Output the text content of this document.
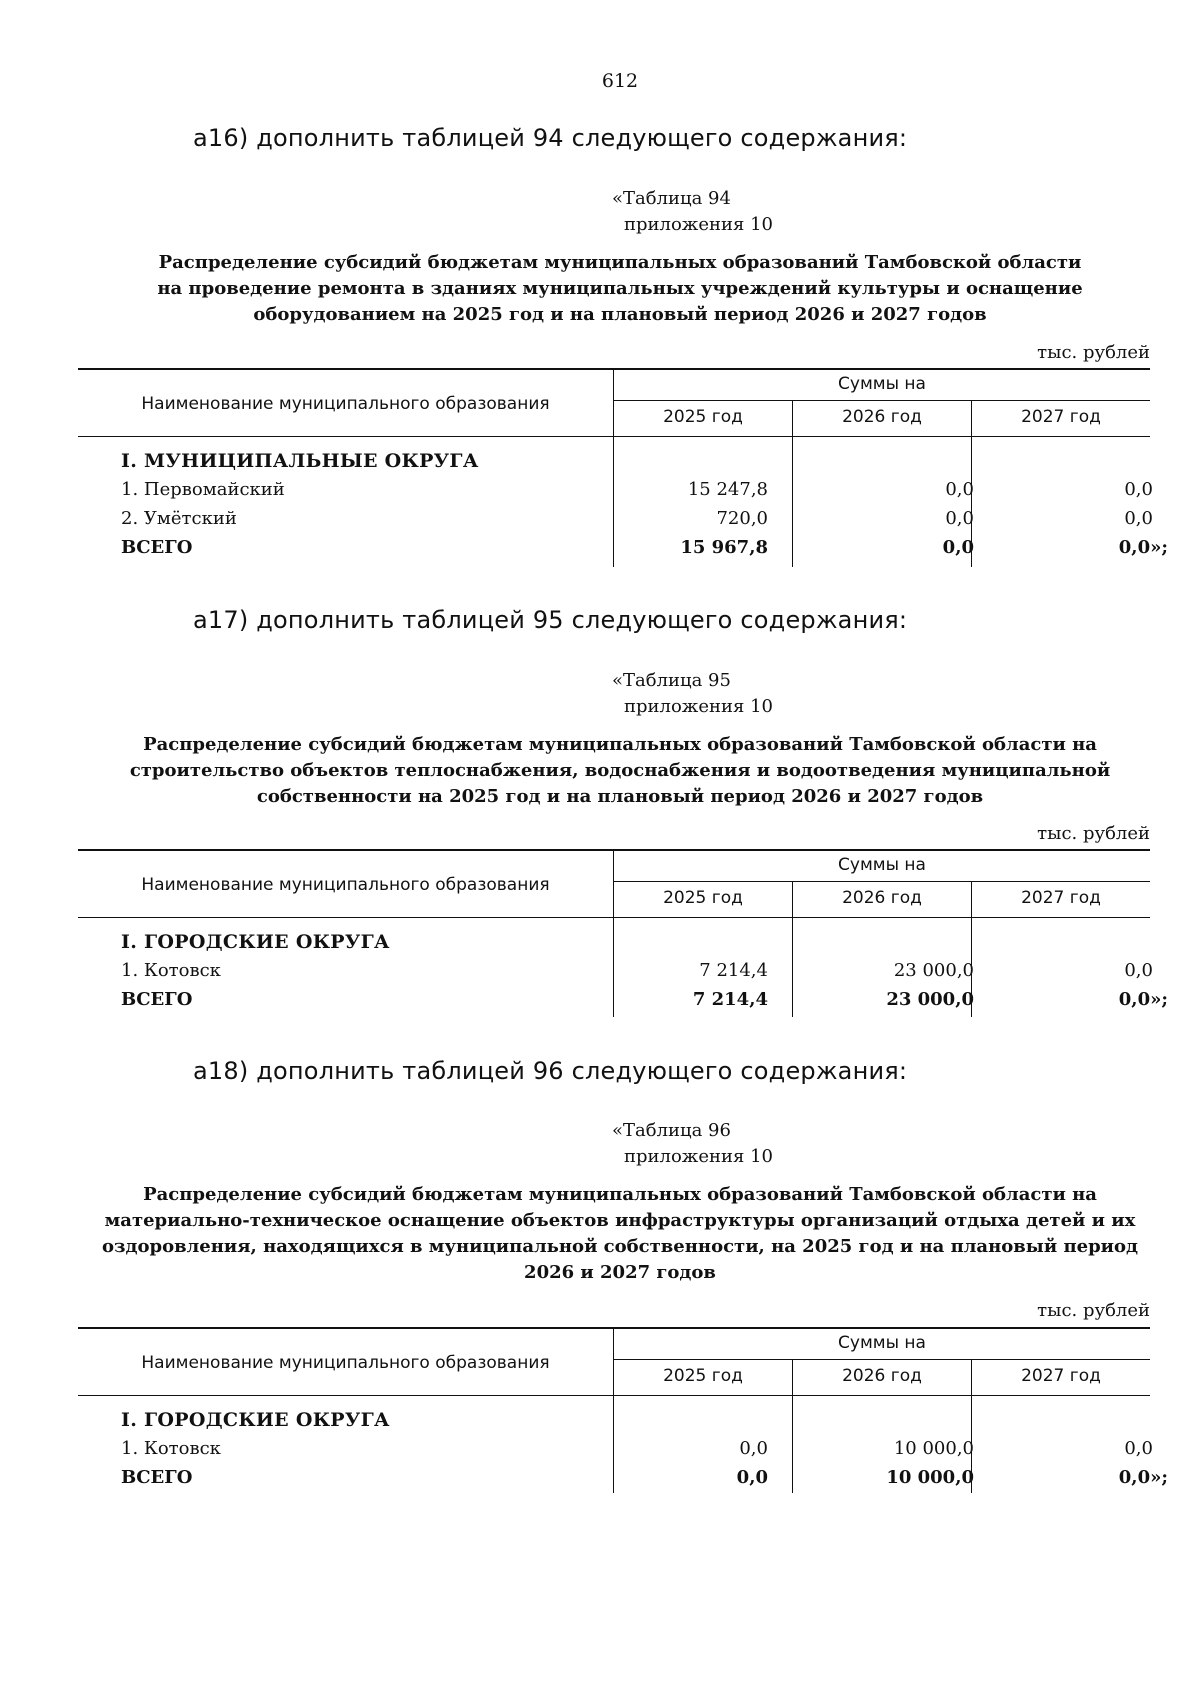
612
а16) дополнить таблицей 94 следующего содержания:
«Таблица 94
приложения 10
Распределение субсидий бюджетам муниципальных образований Тамбовской области
на проведение ремонта в зданиях муниципальных учреждений культуры и оснащение
оборудованием на 2025 год и на плановый период 2026 и 2027 годов
тыс. рублей
Наименование муниципального образования
Суммы на
2025 год	2026 год	2027 год
I. МУНИЦИПАЛЬНЫЕ ОКРУГА
1. Первомайский	15 247,8	0,0	0,0
2. Умётский	720,0	0,0	0,0
ВСЕГО	15 967,8	0,0	0,0»;
а17) дополнить таблицей 95 следующего содержания:
«Таблица 95
приложения 10
Распределение субсидий бюджетам муниципальных образований Тамбовской области на
строительство объектов теплоснабжения, водоснабжения и водоотведения муниципальной
собственности на 2025 год и на плановый период 2026 и 2027 годов
тыс. рублей
Наименование муниципального образования
Суммы на
2025 год	2026 год	2027 год
I. ГОРОДСКИЕ ОКРУГА
1. Котовск	7 214,4	23 000,0	0,0
ВСЕГО	7 214,4	23 000,0	0,0»;
а18) дополнить таблицей 96 следующего содержания:
«Таблица 96
приложения 10
Распределение субсидий бюджетам муниципальных образований Тамбовской области на
материально-техническое оснащение объектов инфраструктуры организаций отдыха детей и их
оздоровления, находящихся в муниципальной собственности, на 2025 год и на плановый период
2026 и 2027 годов
тыс. рублей
Наименование муниципального образования
Суммы на
2025 год	2026 год	2027 год
I. ГОРОДСКИЕ ОКРУГА
1. Котовск	0,0	10 000,0	0,0
ВСЕГО	0,0	10 000,0	0,0»;
